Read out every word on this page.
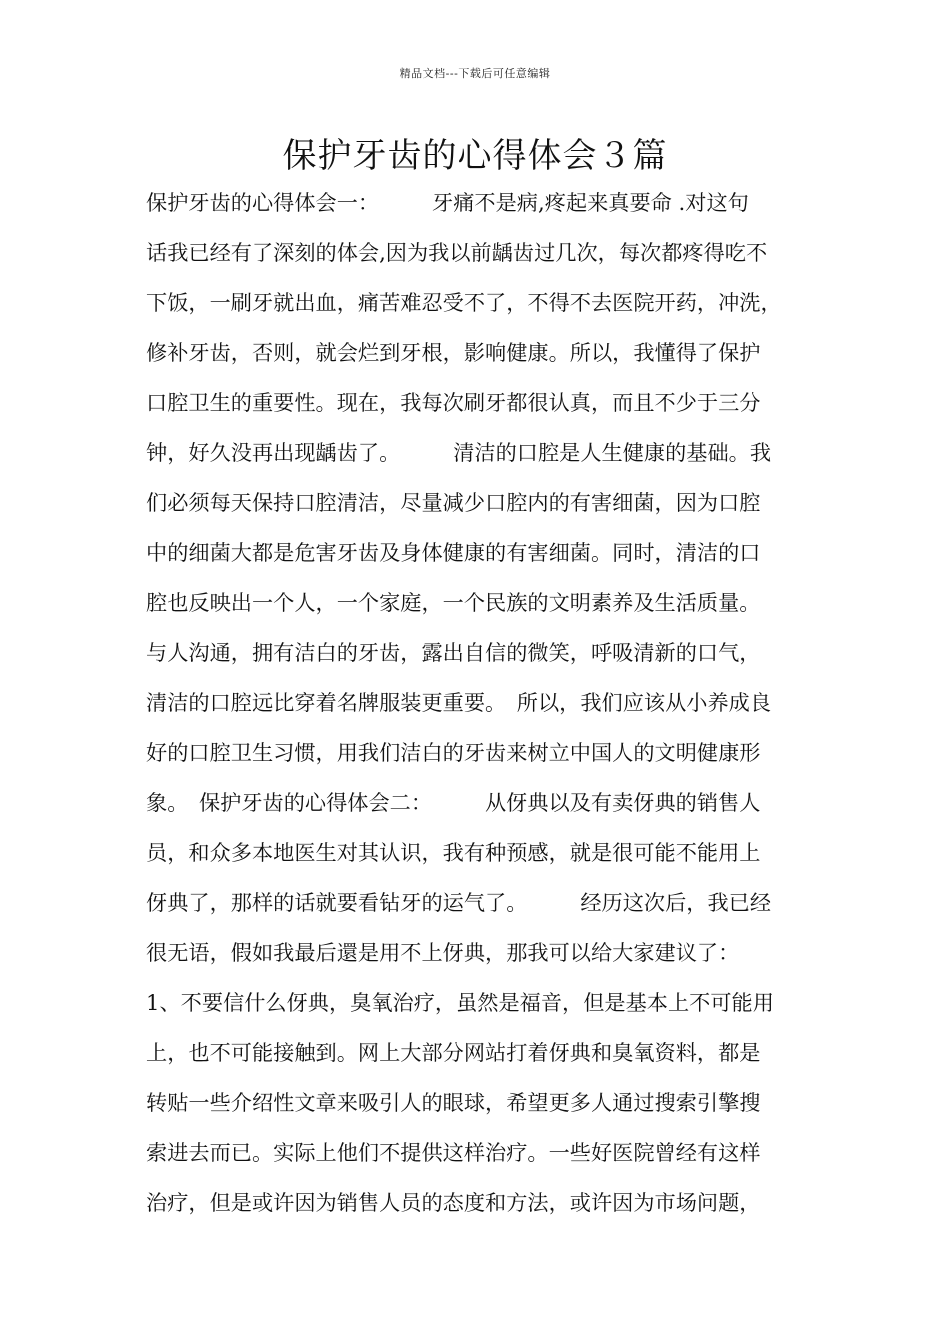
精品文档---下载后可任意编辑
保护牙齿的心得体会３篇
保护牙齿的心得体会一：　　　牙痛不是病,疼起来真要命 .对这句
话我已经有了深刻的体会,因为我以前龋齿过几次，每次都疼得吃不
下饭，一刷牙就出血，痛苦难忍受不了，不得不去医院开药，冲洗，
修补牙齿，否则，就会烂到牙根，影响健康。所以，我懂得了保护
口腔卫生的重要性。现在，我每次刷牙都很认真，而且不少于三分
钟，好久没再出现龋齿了。　　　清洁的口腔是人生健康的基础。我
们必须每天保持口腔清洁，尽量减少口腔内的有害细菌，因为口腔
中的细菌大都是危害牙齿及身体健康的有害细菌。同时，清洁的口
腔也反映出一个人，一个家庭，一个民族的文明素养及生活质量。
与人沟通，拥有洁白的牙齿，露出自信的微笑，呼吸清新的口气，
清洁的口腔远比穿着名牌服装更重要。　所以，我们应该从小养成良
好的口腔卫生习惯，用我们洁白的牙齿来树立中国人的文明健康形
象。　保护牙齿的心得体会二：　　　从伢典以及有卖伢典的销售人
员，和众多本地医生对其认识，我有种预感，就是很可能不能用上
伢典了，那样的话就要看钻牙的运气了。　　　经历这次后，我已经
很无语，假如我最后還是用不上伢典，那我可以给大家建议了：
1、不要信什么伢典，臭氧治疗，虽然是福音，但是基本上不可能用
上，也不可能接触到。网上大部分网站打着伢典和臭氧资料，都是
转贴一些介绍性文章来吸引人的眼球，希望更多人通过搜索引擎搜
索进去而已。实际上他们不提供这样治疗。一些好医院曾经有这样
治疗，但是或许因为销售人员的态度和方法，或许因为市场问题，
